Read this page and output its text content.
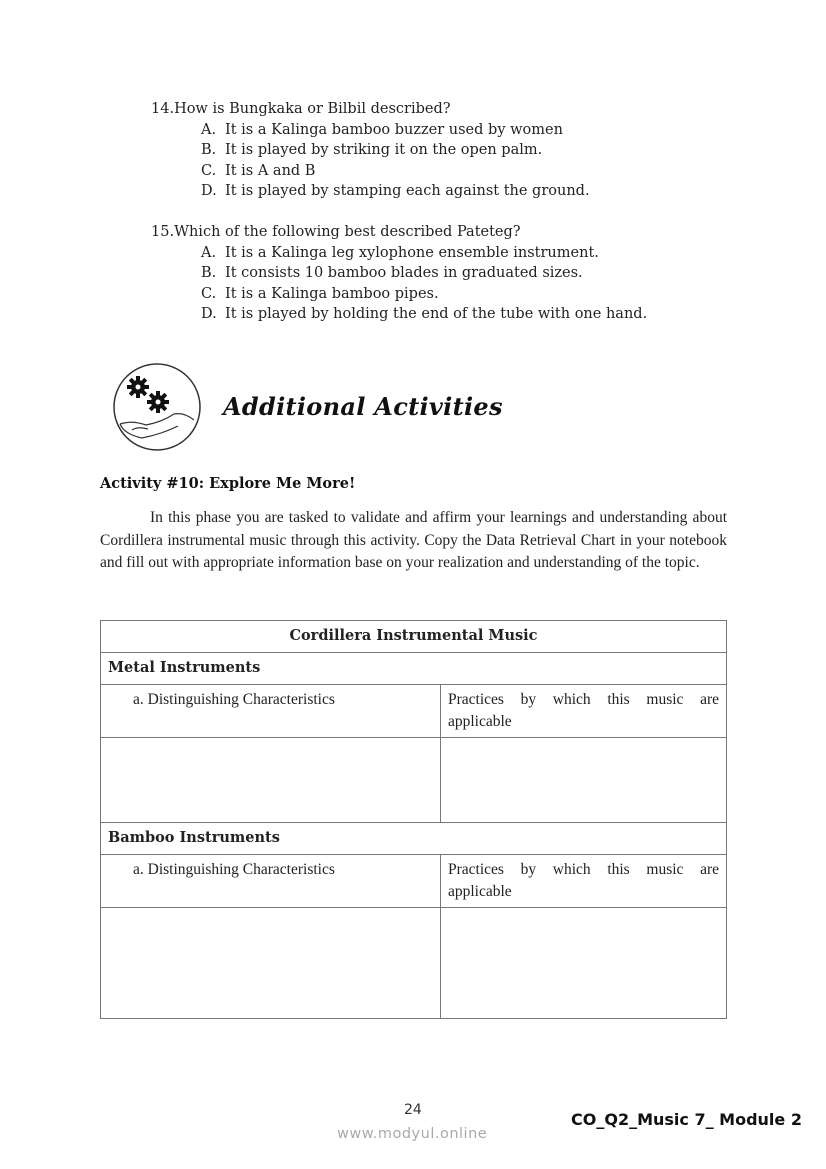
14.How is Bungkaka or Bilbil described?
A. It is a Kalinga bamboo buzzer used by women
B. It is played by striking it on the open palm.
C. It is A and B
D. It is played by stamping each against the ground.
15.Which of the following best described Pateteg?
A. It is a Kalinga leg xylophone ensemble instrument.
B. It consists 10 bamboo blades in graduated sizes.
C. It is a Kalinga bamboo pipes.
D. It is played by holding the end of the tube with one hand.
Additional Activities
Activity #10: Explore Me More!
In this phase you are tasked to validate and affirm your learnings and understanding about Cordillera instrumental music through this activity. Copy the Data Retrieval Chart in your notebook and fill out with appropriate information base on your realization and understanding of the topic.
Cordillera Instrumental Music	
Metal Instruments	
a. Distinguishing Characteristics	Practices by which this music are applicable

Bamboo Instruments	
a. Distinguishing Characteristics	Practices by which this music are applicable

24
www.modyul.online
CO_Q2_Music 7_ Module 2
